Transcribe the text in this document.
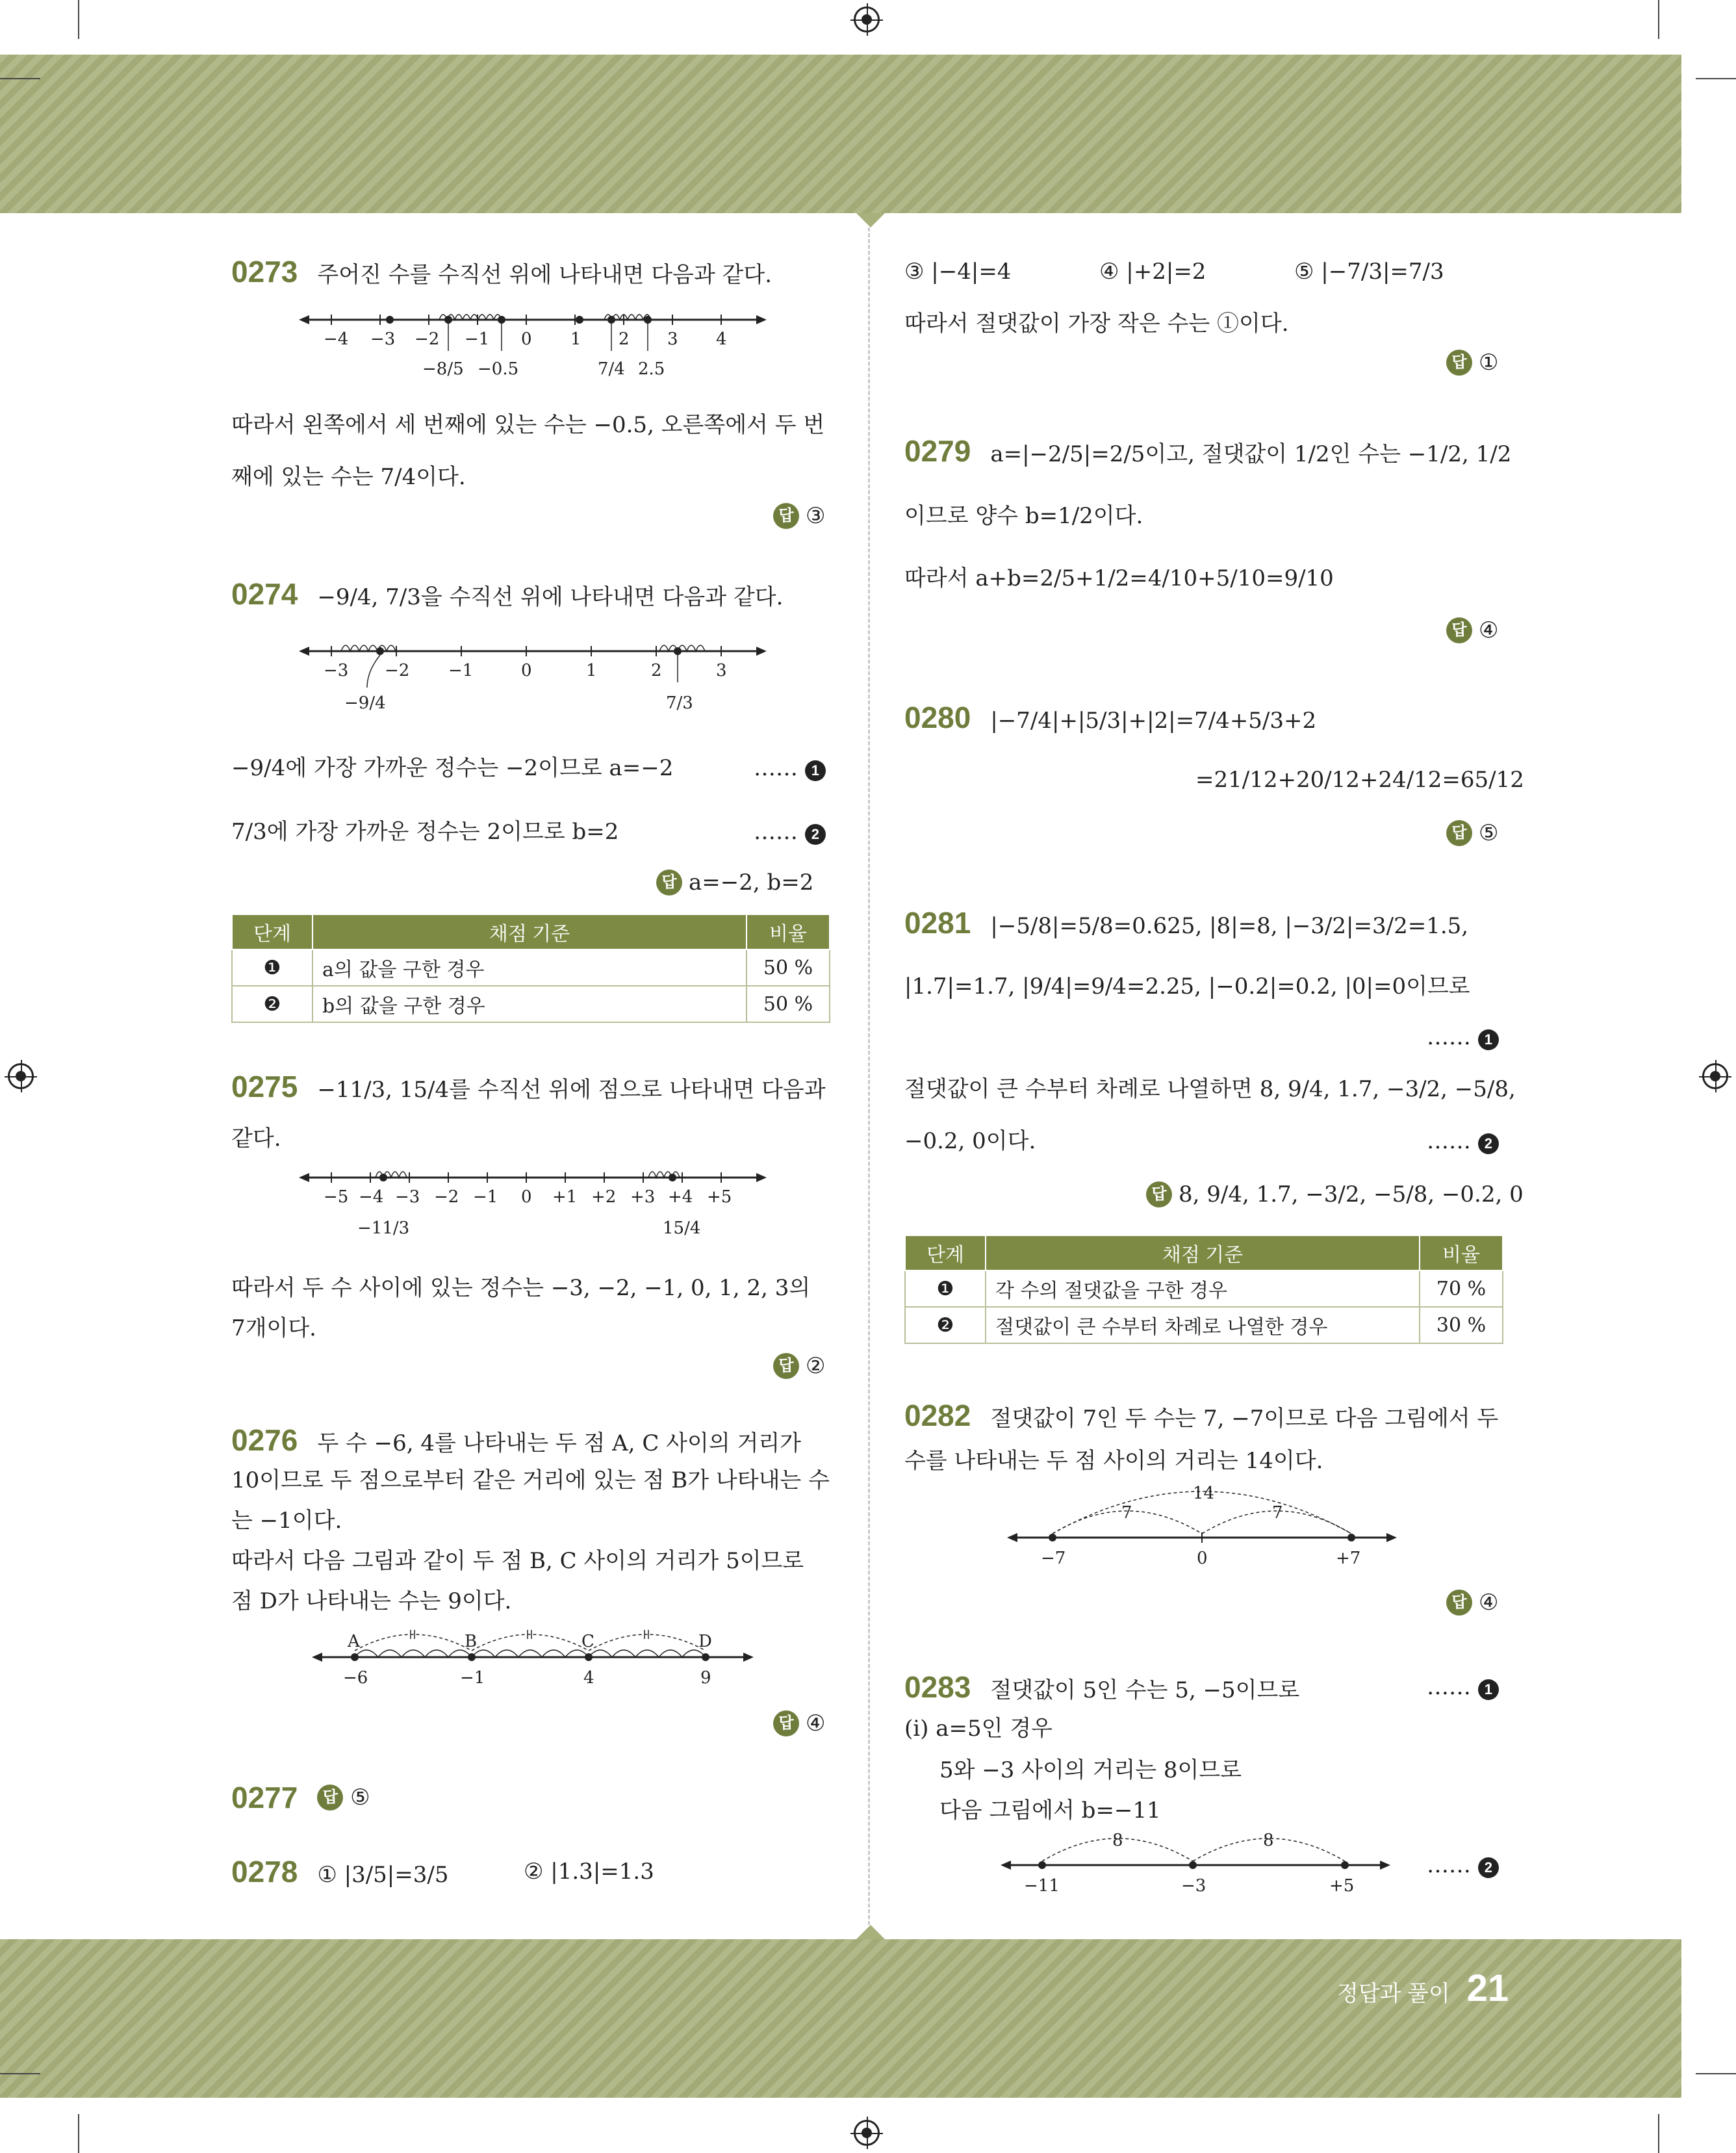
0273 주어진 수를 수직선 위에 나타내면 다음과 같다.
−4 −3 −2 −1 0 1 2 3 4
−8/5 −0.5	7/4 2.5
따라서 왼쪽에서 세 번째에 있는 수는 −0.5, 오른쪽에서 두 번
째에 있는 수는 7/4이다.
답 ③
0274 −9/4, 7/3을 수직선 위에 나타내면 다음과 같다.
−3 −2 −1	0	1	2	3
−9/4	7/3
−9/4에 가장 가까운 정수는 −2이므로 a=−2	…… 1
7/3에 가장 가까운 정수는 2이므로 b=2	…… 2
답 a=−2, b=2
단계	채점 기준	비율
❶	a의 값을 구한 경우	50 %
❷	b의 값을 구한 경우	50 %
0275 −11/3, 15/4를 수직선 위에 점으로 나타내면 다음과
같다.
−5 −4 −3 −2 −1 0 +1 +2 +3 +4 +5
−11/3	15/4
따라서 두 수 사이에 있는 정수는 −3, −2, −1, 0, 1, 2, 3의
7개이다.
답 ②
0276 두 수 −6, 4를 나타내는 두 점 A, C 사이의 거리가
10이므로 두 점으로부터 같은 거리에 있는 점 B가 나타내는 수
는 −1이다.
따라서 다음 그림과 같이 두 점 B, C 사이의 거리가 5이므로
점 D가 나타내는 수는 9이다.
A	B	C	D
−6	−1	4	9
답 ④
0277	답
⑤
0278 ① |3/5|=3/5	② |1.3|=1.3
③ |−4|=4	④ |+2|=2	⑤ |−7/3|=7/3
따라서 절댓값이 가장 작은 수는 ①이다.
답 ①
0279 a=|−2/5|=2/5이고, 절댓값이 1/2인 수는 −1/2, 1/2
이므로 양수 b=1/2이다.
따라서 a+b=2/5+1/2=4/10+5/10=9/10
답 ④
0280 |−7/4|+|5/3|+|2|=7/4+5/3+2
=21/12+20/12+24/12=65/12
답 ⑤
0281 |−5/8|=5/8=0.625, |8|=8, |−3/2|=3/2=1.5,
|1.7|=1.7, |9/4|=9/4=2.25, |−0.2|=0.2, |0|=0이므로
…… 1
절댓값이 큰 수부터 차례로 나열하면 8, 9/4, 1.7, −3/2, −5/8,
−0.2, 0이다.	…… 2
답 8, 9/4, 1.7, −3/2, −5/8, −0.2, 0
단계	채점 기준	비율
❶	각 수의 절댓값을 구한 경우	70 %
❷	절댓값이 큰 수부터 차례로 나열한 경우	30 %
0282 절댓값이 7인 두 수는 7, −7이므로 다음 그림에서 두
수를 나타내는 두 점 사이의 거리는 14이다.
14
7	7
−7	0	+7
답 ④
0283 절댓값이 5인 수는 5, −5이므로	…… 1
(i) a=5인 경우
5와 −3 사이의 거리는 8이므로
다음 그림에서 b=−11
8	8
−11	−3	+5
…… 2
정답과 풀이 21
